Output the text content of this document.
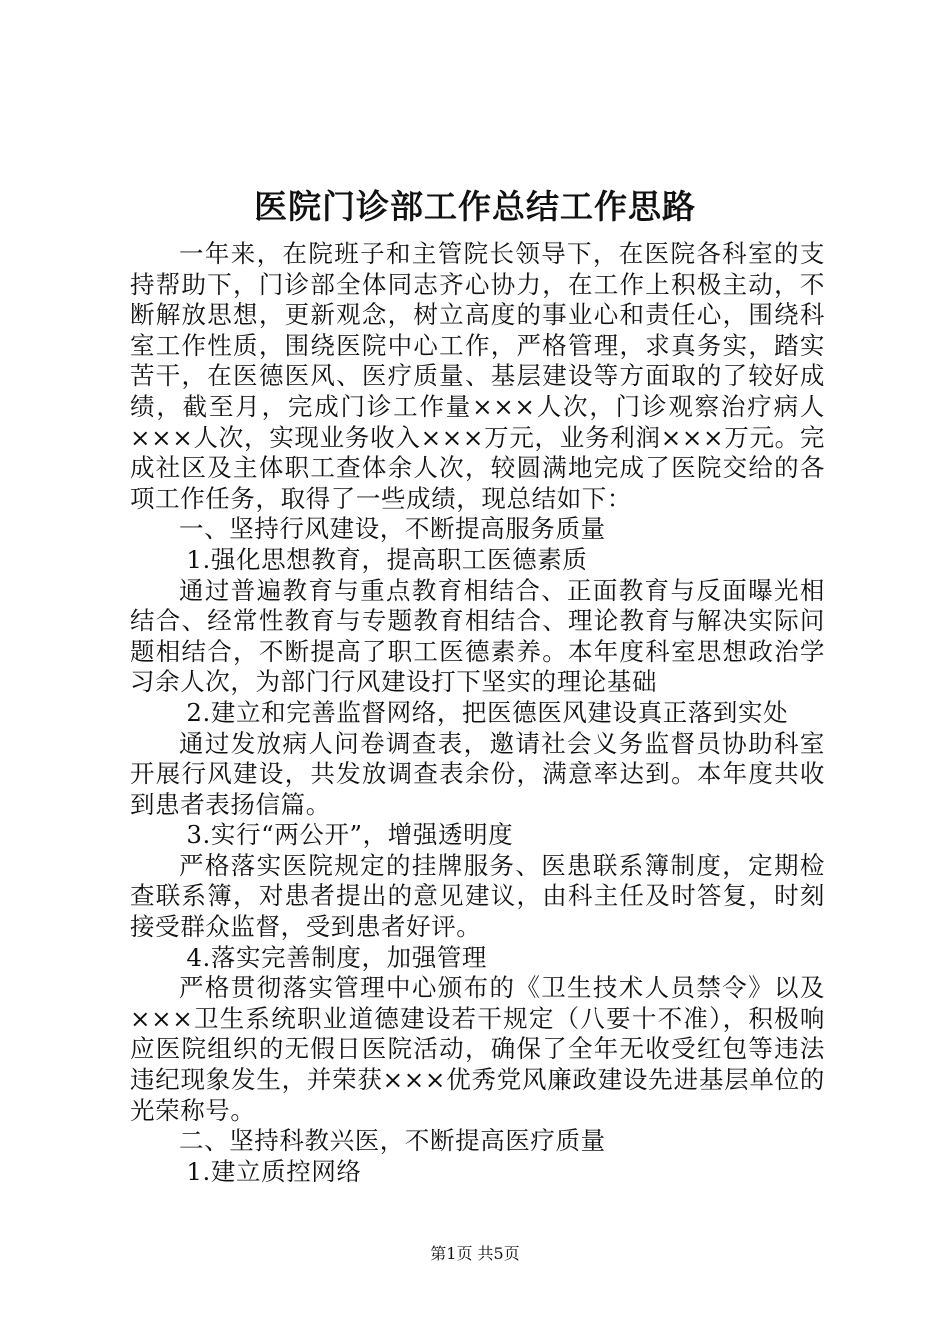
医院门诊部工作总结工作思路

一年来，在院班子和主管院长领导下，在医院各科室的支持帮助下，门诊部全体同志齐心协力，在工作上积极主动，不断解放思想，更新观念，树立高度的事业心和责任心，围绕科室工作性质，围绕医院中心工作，严格管理，求真务实，踏实苦干，在医德医风、医疗质量、基层建设等方面取的了较好成绩，截至月，完成门诊工作量×××人次，门诊观察治疗病人×××人次，实现业务收入×××万元，业务利润×××万元。完成社区及主体职工查体余人次，较圆满地完成了医院交给的各项工作任务，取得了一些成绩，现总结如下：

一、坚持行风建设，不断提高服务质量

1.强化思想教育，提高职工医德素质

通过普遍教育与重点教育相结合、正面教育与反面曝光相结合、经常性教育与专题教育相结合、理论教育与解决实际问题相结合，不断提高了职工医德素养。本年度科室思想政治学习余人次，为部门行风建设打下坚实的理论基础

2.建立和完善监督网络，把医德医风建设真正落到实处

通过发放病人问卷调查表，邀请社会义务监督员协助科室开展行风建设，共发放调查表余份，满意率达到。本年度共收到患者表扬信篇。

3.实行“两公开”，增强透明度

严格落实医院规定的挂牌服务、医患联系簿制度，定期检查联系簿，对患者提出的意见建议，由科主任及时答复，时刻接受群众监督，受到患者好评。

4.落实完善制度，加强管理

严格贯彻落实管理中心颁布的《卫生技术人员禁令》以及×××卫生系统职业道德建设若干规定（八要十不准），积极响应医院组织的无假日医院活动，确保了全年无收受红包等违法违纪现象发生，并荣获×××优秀党风廉政建设先进基层单位的光荣称号。

二、坚持科教兴医，不断提高医疗质量

1.建立质控网络

第1页 共5页
